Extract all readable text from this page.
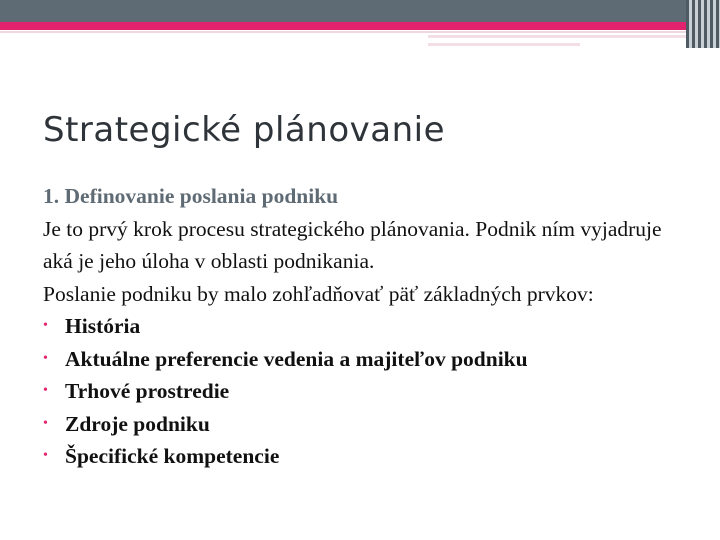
Strategické plánovanie
1. Definovanie poslania podniku
Je to prvý krok procesu strategického plánovania. Podnik ním vyjadruje aká je jeho úloha v oblasti podnikania.
Poslanie podniku by malo zohľadňovať päť základných prvkov:
• História
• Aktuálne preferencie vedenia a majiteľov podniku
• Trhové prostredie
• Zdroje podniku
• Špecifické kompetencie
